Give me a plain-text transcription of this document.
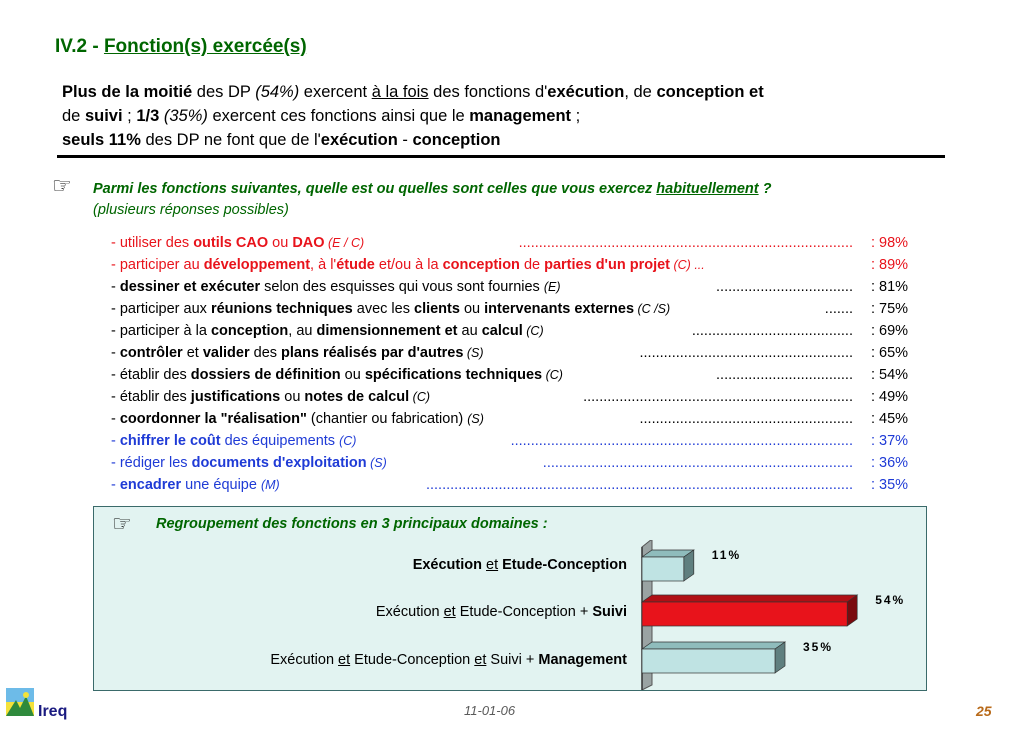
IV.2 - Fonction(s) exercée(s)
Plus de la moitié des DP (54%) exercent à la fois des fonctions d'exécution, de conception et
de suivi ; 1/3 (35%) exercent ces fonctions ainsi que le management ;
seuls 11% des DP ne font que de l'exécution - conception
☞ Parmi les fonctions suivantes, quelle est ou quelles sont celles que vous exercez habituellement ?
(plusieurs réponses possibles)
- utiliser des outils CAO ou DAO (E / C)	................................................................................... : 98%
- participer au développement, à l'étude et/ou à la conception de parties d'un projet (C) ...	: 89%
- dessiner et exécuter selon des esquisses qui vous sont fournies (E)	.................................. : 81%
- participer aux réunions techniques avec les clients ou intervenants externes (C /S)	....... : 75%
- participer à la conception, au dimensionnement et au calcul (C)	........................................ : 69%
- contrôler et valider des plans réalisés par d'autres (S)	..................................................... : 65%
- établir des dossiers de définition ou spécifications techniques (C)	.................................. : 54%
- établir des justifications ou notes de calcul (C)	................................................................... : 49%
- coordonner la "réalisation" (chantier ou fabrication) (S)	..................................................... : 45%
- chiffrer le coût des équipements (C)	..................................................................................... : 37%
- rédiger les documents d'exploitation (S)	............................................................................. : 36%
- encadrer une équipe (M)	.......................................................................................................... : 35%
☞ Regroupement des fonctions en 3 principaux domaines :
Exécution et Etude-Conception
Exécution et Etude-Conception + Suivi
Exécution et Etude-Conception et Suivi + Management
11%
54%
35%
Ireq	11-01-06	25
